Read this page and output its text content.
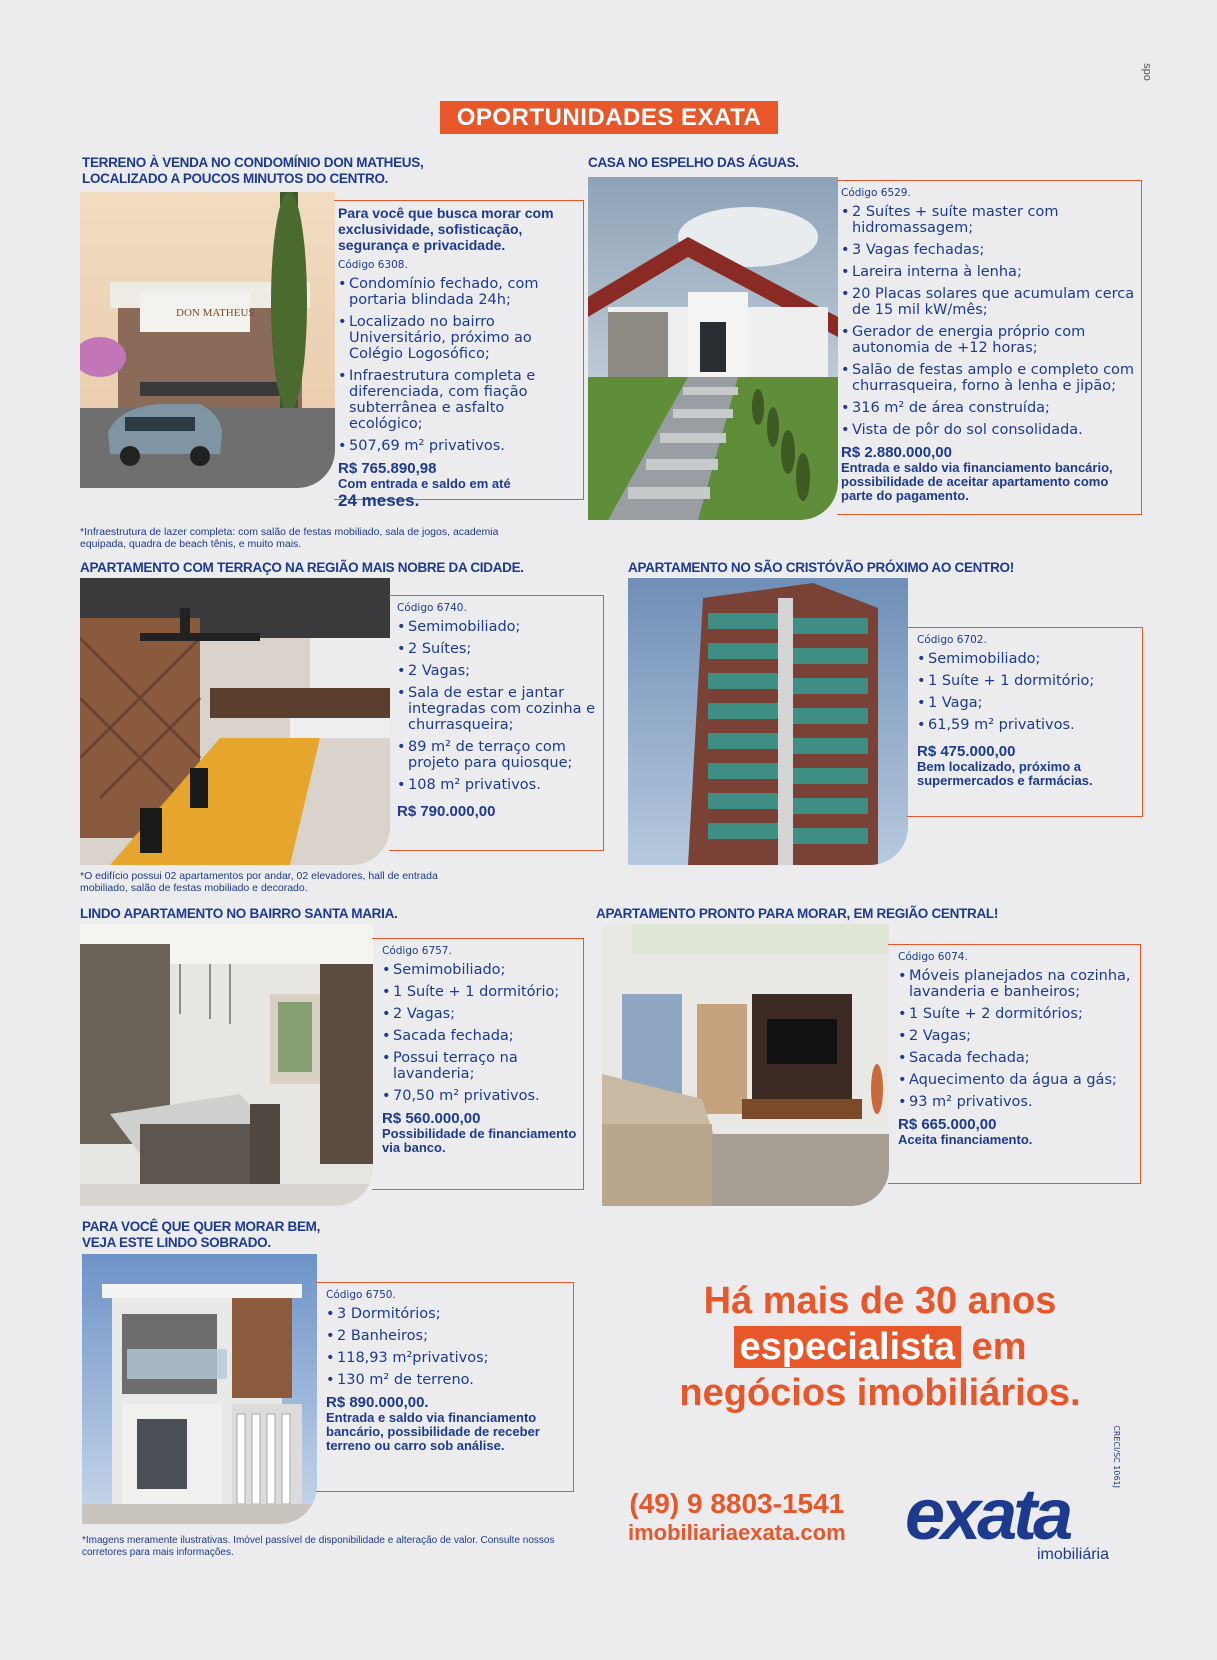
spo
OPORTUNIDADES EXATA
TERRENO À VENDA NO CONDOMÍNIO DON MATHEUS, LOCALIZADO A POUCOS MINUTOS DO CENTRO.
DON MATHEUS
Para você que busca morar com exclusividade, sofisticação, segurança e privacidade.
Código 6308.
• Condomínio fechado, com portaria blindada 24h;
• Localizado no bairro Universitário, próximo ao Colégio Logosófico;
• Infraestrutura completa e diferenciada, com fiação subterrânea e asfalto ecológico;
• 507,69 m² privativos.
R$ 765.890,98
Com entrada e saldo em até
24 meses.
*Infraestrutura de lazer completa: com salão de festas mobiliado, sala de jogos, academia equipada, quadra de beach tênis, e muito mais.
CASA NO ESPELHO DAS ÁGUAS.
Código 6529.
• 2 Suítes + suíte master com hidromassagem;
• 3 Vagas fechadas;
• Lareira interna à lenha;
• 20 Placas solares que acumulam cerca de 15 mil kW/mês;
• Gerador de energia próprio com autonomia de +12 horas;
• Salão de festas amplo e completo com churrasqueira, forno à lenha e jipão;
• 316 m² de área construída;
• Vista de pôr do sol consolidada.
R$ 2.880.000,00
Entrada e saldo via financiamento bancário, possibilidade de aceitar apartamento como parte do pagamento.
APARTAMENTO COM TERRAÇO NA REGIÃO MAIS NOBRE DA CIDADE.
Código 6740.
• Semimobiliado;
• 2 Suítes;
• 2 Vagas;
• Sala de estar e jantar integradas com cozinha e churrasqueira;
• 89 m² de terraço com projeto para quiosque;
• 108 m² privativos.
R$ 790.000,00
*O edifício possui 02 apartamentos por andar, 02 elevadores, hall de entrada mobiliado, salão de festas mobiliado e decorado.
APARTAMENTO NO SÃO CRISTÓVÃO PRÓXIMO AO CENTRO!
Código 6702.
• Semimobiliado;
• 1 Suíte + 1 dormitório;
• 1 Vaga;
• 61,59 m² privativos.
R$ 475.000,00
Bem localizado, próximo a supermercados e farmácias.
LINDO APARTAMENTO NO BAIRRO SANTA MARIA.
Código 6757.
• Semimobiliado;
• 1 Suíte + 1 dormitório;
• 2 Vagas;
• Sacada fechada;
• Possui terraço na lavanderia;
• 70,50 m² privativos.
R$ 560.000,00
Possibilidade de financiamento via banco.
APARTAMENTO PRONTO PARA MORAR, EM REGIÃO CENTRAL!
Código 6074.
• Móveis planejados na cozinha, lavanderia e banheiros;
• 1 Suíte + 2 dormitórios;
• 2 Vagas;
• Sacada fechada;
• Aquecimento da água a gás;
• 93 m² privativos.
R$ 665.000,00
Aceita financiamento.
PARA VOCÊ QUE QUER MORAR BEM, VEJA ESTE LINDO SOBRADO.
Código 6750.
• 3 Dormitórios;
• 2 Banheiros;
• 118,93 m²privativos;
• 130 m² de terreno.
R$ 890.000,00.
Entrada e saldo via financiamento bancário, possibilidade de receber terreno ou carro sob análise.
*Imagens meramente ilustrativas. Imóvel passível de disponibilidade e alteração de valor. Consulte nossos corretores para mais informações.
Há mais de 30 anos
especialista em
negócios imobiliários.
(49) 9 8803-1541
imobiliariaexata.com exata
imobiliária
CRECI/SC 1061J
